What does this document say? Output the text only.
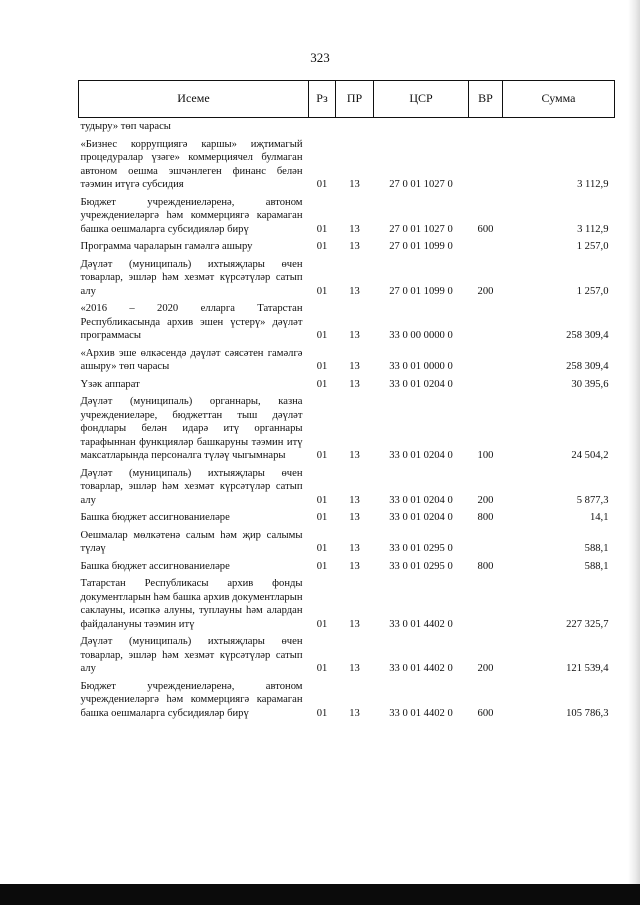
323
Исеме	Рз	ПР	ЦСР	ВР	Сумма
тудыру» төп чарасы					
«Бизнес коррупциягә каршы» иҗтимагый процедуралар үзәге» коммерциячел булмаган автоном оешма эшчәнлеген финанс белән тәэмин итүгә субсидия	01	13	27 0 01 1027 0		3 112,9
Бюджет учреждениеләренә, автоном учреждениеләргә һәм коммерциягә карамаган башка оешмаларга субсидияләр бирү	01	13	27 0 01 1027 0	600	3 112,9
Программа чараларын гамәлгә ашыру	01	13	27 0 01 1099 0		1 257,0
Дәүләт (муниципаль) ихтыяҗлары өчен товарлар, эшләр һәм хезмәт күрсәтүләр сатып алу	01	13	27 0 01 1099 0	200	1 257,0
«2016 – 2020 елларга Татарстан Республикасында архив эшен үстерү» дәүләт программасы	01	13	33 0 00 0000 0		258 309,4
«Архив эше өлкәсендә дәүләт сәясәтен гамәлгә ашыру» төп чарасы	01	13	33 0 01 0000 0		258 309,4
Үзәк аппарат	01	13	33 0 01 0204 0		30 395,6
Дәүләт (муниципаль) органнары, казна учреждениеләре, бюджеттан тыш дәүләт фондлары белән идарә итү органнары тарафыннан функцияләр башкаруны тәэмин итү максатларында персоналга түләү чыгымнары	01	13	33 0 01 0204 0	100	24 504,2
Дәүләт (муниципаль) ихтыяҗлары өчен товарлар, эшләр һәм хезмәт күрсәтүләр сатып алу	01	13	33 0 01 0204 0	200	5 877,3
Башка бюджет ассигнованиеләре	01	13	33 0 01 0204 0	800	14,1
Оешмалар мөлкәтенә салым һәм җир салымы түләү	01	13	33 0 01 0295 0		588,1
Башка бюджет ассигнованиеләре	01	13	33 0 01 0295 0	800	588,1
Татарстан Республикасы архив фонды документларын һәм башка архив документларын саклауны, исәпкә алуны, туплауны һәм алардан файдалануны тәэмин итү	01	13	33 0 01 4402 0		227 325,7
Дәүләт (муниципаль) ихтыяҗлары өчен товарлар, эшләр һәм хезмәт күрсәтүләр сатып алу	01	13	33 0 01 4402 0	200	121 539,4
Бюджет учреждениеләренә, автоном учреждениеләргә һәм коммерциягә карамаган башка оешмаларга субсидияләр бирү	01	13	33 0 01 4402 0	600	105 786,3
